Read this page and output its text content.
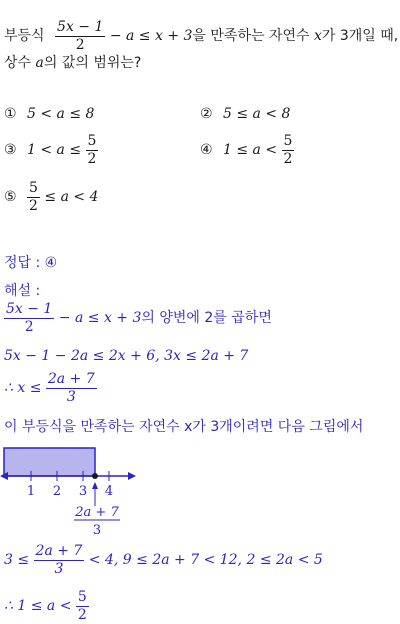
부등식 $\frac{5x - 1}{2} - a \le x + 3$을 만족하는 자연수 x가 3개일 때,
상수 a의 값의 범위는?
① 5 < a ≤ 8	② 5 ≤ a < 8
③ $1 < a \le \frac{5}{2}$	④ $1 \le a < \frac{5}{2}$
⑤ $\frac{5}{2} \le a < 4$
정답 : ④
해설 :
$\frac{5x - 1}{2} - a \le x + 3$의 양변에 2를 곱하면
5x − 1 − 2a ≤ 2x + 6, 3x ≤ 2a + 7
∴ $x \le \frac{2a + 7}{3}$
이 부등식을 만족하는 자연수 x가 3개이려면 다음 그림에서
1 2 3 4
2a + 7
3
$3 \le \frac{2a + 7}{3} < 4$, 9 ≤ 2a + 7 < 12, 2 ≤ 2a < 5
∴ $1 \le a < \frac{5}{2}$
